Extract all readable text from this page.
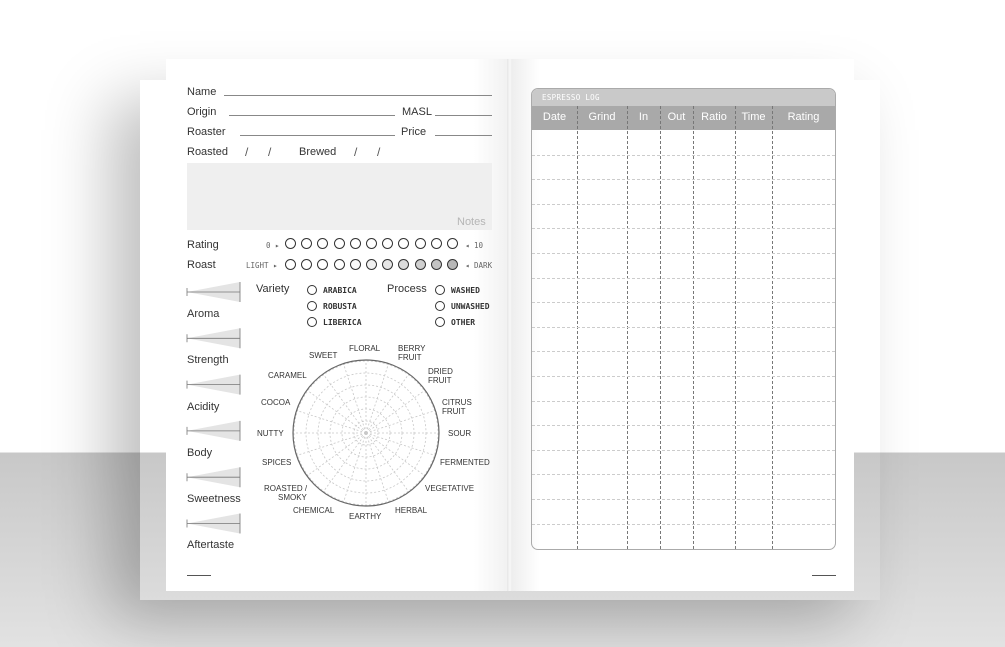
Name
Origin	MASL
Roaster	Price
Roasted / /	Brewed / /
Notes
Rating	0 ▸	◂ 10
Roast	LIGHT ▸	◂ DARK
Variety	Process
ARABICA
ROBUSTA
LIBERICA
WASHED
UNWASHED
OTHER
Aroma
Strength
Acidity
Body
Sweetness
Aftertaste
FLORAL BERRY
FRUIT
DRIED
FRUIT
CITRUS
FRUIT
SOUR
FERMENTED
VEGETATIVE
HERBAL
EARTHY
CHEMICAL
ROASTED /
SMOKY
SPICES
NUTTY
COCOA
CARAMEL
SWEET
ESPRESSO LOG
Date	Grind	In	Out	Ratio	Time	Rating
